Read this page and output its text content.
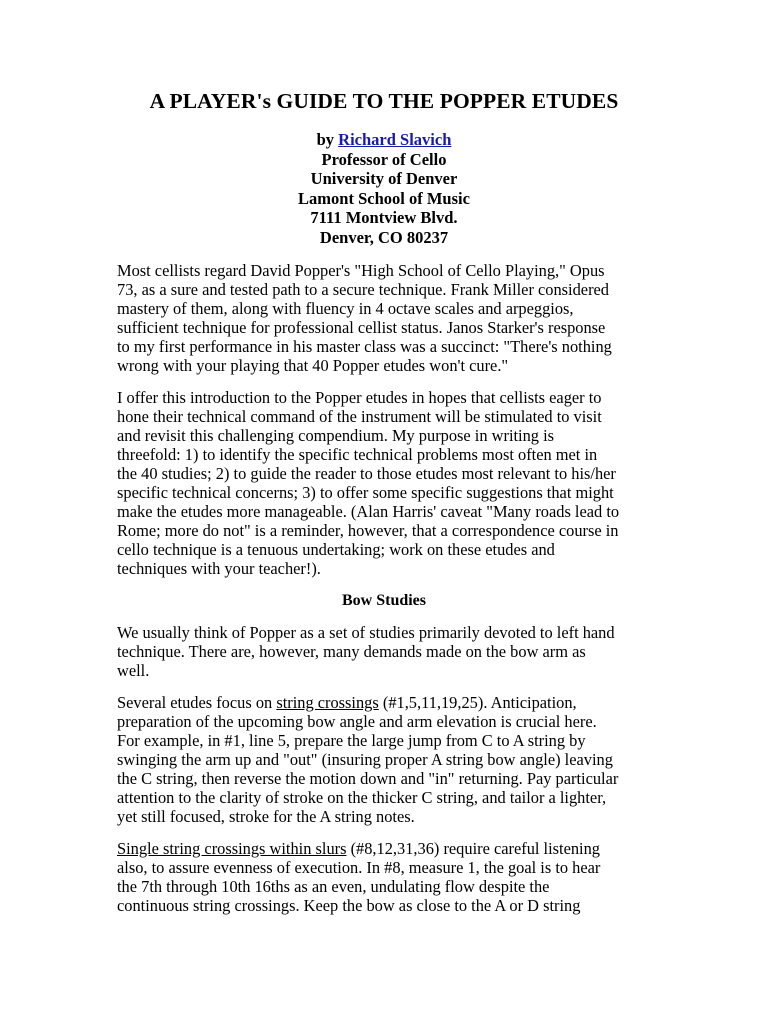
A PLAYER's GUIDE TO THE POPPER ETUDES
by Richard Slavich
Professor of Cello
University of Denver
Lamont School of Music
7111 Montview Blvd.
Denver, CO 80237

Most cellists regard David Popper's "High School of Cello Playing," Opus
73, as a sure and tested path to a secure technique. Frank Miller considered
mastery of them, along with fluency in 4 octave scales and arpeggios,
sufficient technique for professional cellist status. Janos Starker's response
to my first performance in his master class was a succinct: "There's nothing
wrong with your playing that 40 Popper etudes won't cure."

I offer this introduction to the Popper etudes in hopes that cellists eager to
hone their technical command of the instrument will be stimulated to visit
and revisit this challenging compendium. My purpose in writing is
threefold: 1) to identify the specific technical problems most often met in
the 40 studies; 2) to guide the reader to those etudes most relevant to his/her
specific technical concerns; 3) to offer some specific suggestions that might
make the etudes more manageable. (Alan Harris' caveat "Many roads lead to
Rome; more do not" is a reminder, however, that a correspondence course in
cello technique is a tenuous undertaking; work on these etudes and
techniques with your teacher!).

Bow Studies

We usually think of Popper as a set of studies primarily devoted to left hand
technique. There are, however, many demands made on the bow arm as
well.

Several etudes focus on string crossings (#1,5,11,19,25). Anticipation,
preparation of the upcoming bow angle and arm elevation is crucial here.
For example, in #1, line 5, prepare the large jump from C to A string by
swinging the arm up and "out" (insuring proper A string bow angle) leaving
the C string, then reverse the motion down and "in" returning. Pay particular
attention to the clarity of stroke on the thicker C string, and tailor a lighter,
yet still focused, stroke for the A string notes.

Single string crossings within slurs (#8,12,31,36) require careful listening
also, to assure evenness of execution. In #8, measure 1, the goal is to hear
the 7th through 10th 16ths as an even, undulating flow despite the
continuous string crossings. Keep the bow as close to the A or D string
